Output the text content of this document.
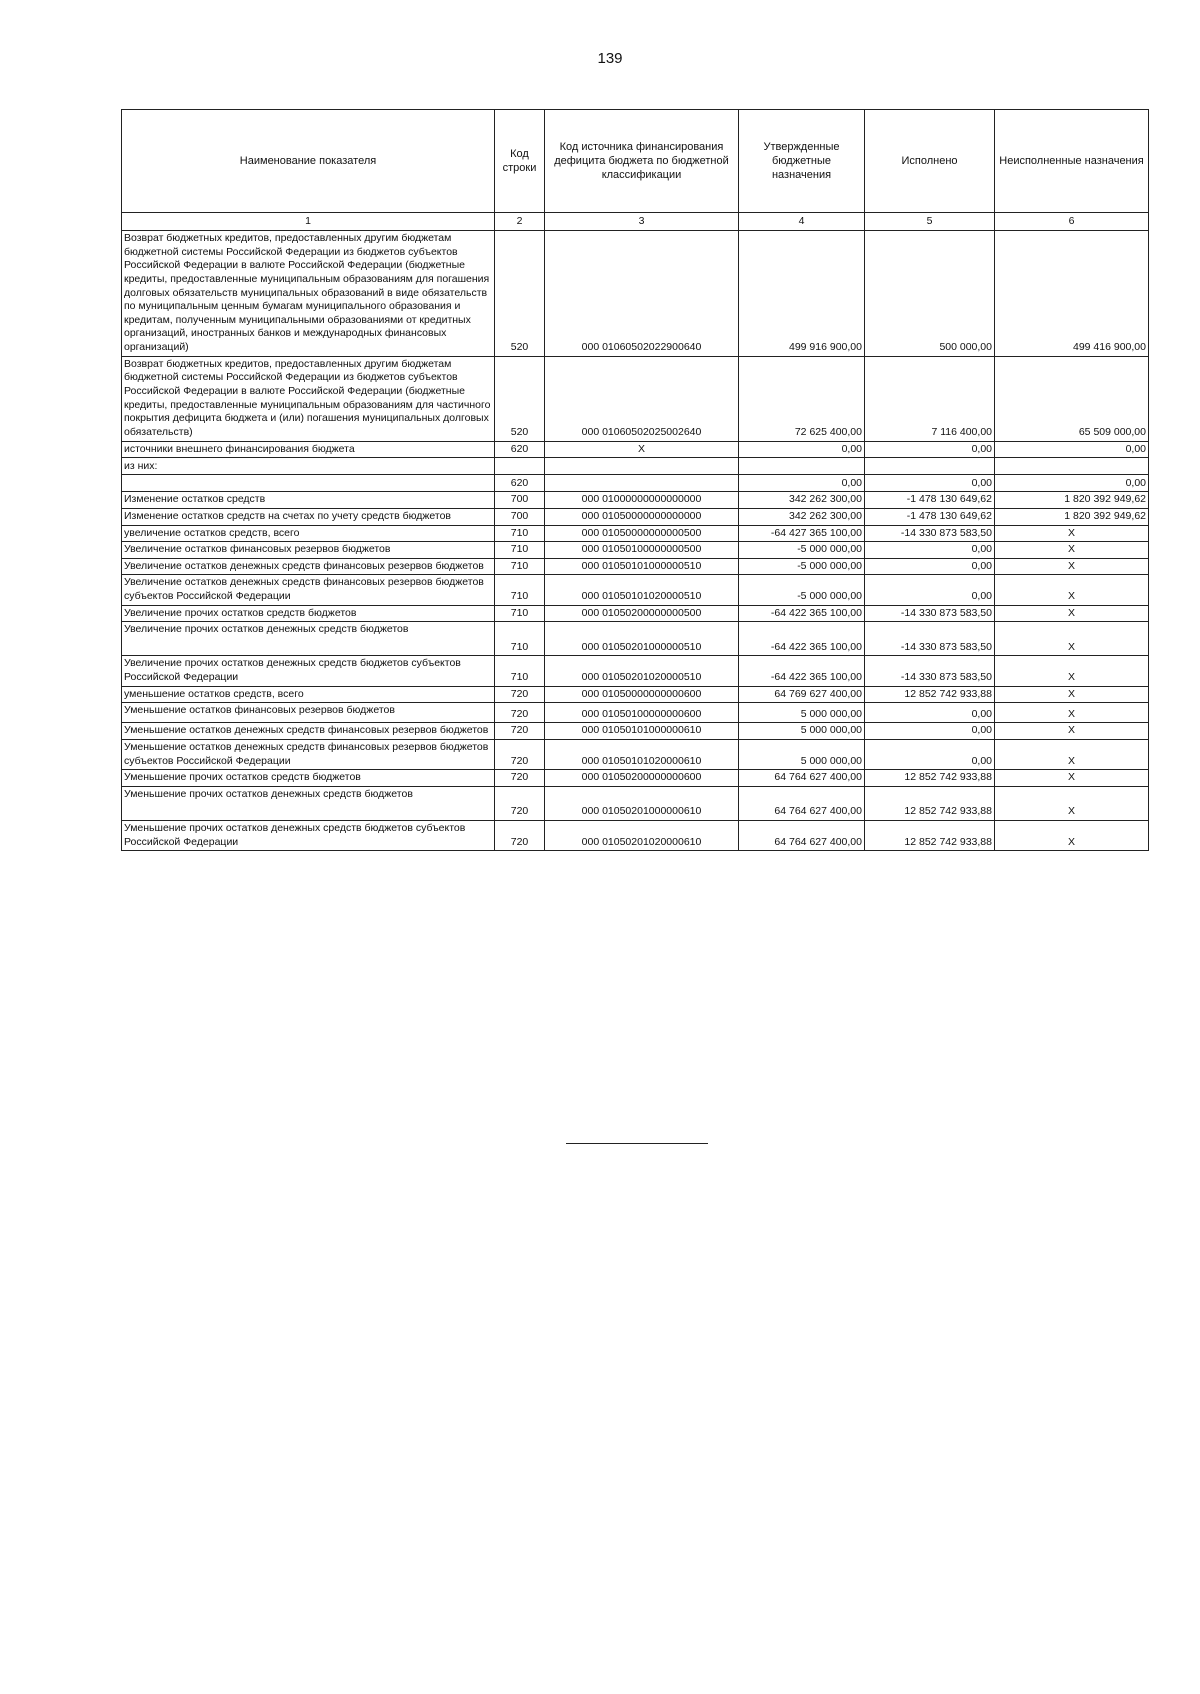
139
Наименование показателя	Код строки	Код источника финансирования дефицита бюджета по бюджетной классификации	Утвержденные бюджетные назначения	Исполнено	Неисполненные назначения
1	2	3	4	5	6
Возврат бюджетных кредитов, предоставленных другим бюджетам бюджетной системы Российской Федерации из бюджетов субъектов Российской Федерации в валюте Российской Федерации (бюджетные кредиты, предоставленные муниципальным образованиям для погашения долговых обязательств муниципальных образований в виде обязательств по муниципальным ценным бумагам муниципального образования и кредитам, полученным муниципальными образованиями от кредитных организаций, иностранных банков и международных финансовых организаций)	520	000 01060502022900640	499 916 900,00	500 000,00	499 416 900,00
Возврат бюджетных кредитов, предоставленных другим бюджетам бюджетной системы Российской Федерации из бюджетов субъектов Российской Федерации в валюте Российской Федерации (бюджетные кредиты, предоставленные муниципальным образованиям для частичного покрытия дефицита бюджета и (или) погашения муниципальных долговых обязательств)	520	000 01060502025002640	72 625 400,00	7 116 400,00	65 509 000,00
источники внешнего финансирования бюджета	620	X	0,00	0,00	0,00
из них:					
	620		0,00	0,00	0,00
Изменение остатков средств	700	000 01000000000000000	342 262 300,00	-1 478 130 649,62	1 820 392 949,62
Изменение остатков средств на счетах по учету средств бюджетов	700	000 01050000000000000	342 262 300,00	-1 478 130 649,62	1 820 392 949,62
увеличение остатков средств, всего	710	000 01050000000000500	-64 427 365 100,00	-14 330 873 583,50	X
Увеличение остатков финансовых резервов бюджетов	710	000 01050100000000500	-5 000 000,00	0,00	X
Увеличение остатков денежных средств финансовых резервов бюджетов	710	000 01050101000000510	-5 000 000,00	0,00	X
Увеличение остатков денежных средств финансовых резервов бюджетов субъектов Российской Федерации	710	000 01050101020000510	-5 000 000,00	0,00	X
Увеличение прочих остатков средств бюджетов	710	000 01050200000000500	-64 422 365 100,00	-14 330 873 583,50	X
Увеличение прочих остатков денежных средств бюджетов	710	000 01050201000000510	-64 422 365 100,00	-14 330 873 583,50	X
Увеличение прочих остатков денежных средств бюджетов субъектов Российской Федерации	710	000 01050201020000510	-64 422 365 100,00	-14 330 873 583,50	X
уменьшение остатков средств, всего	720	000 01050000000000600	64 769 627 400,00	12 852 742 933,88	X
Уменьшение остатков финансовых резервов бюджетов	720	000 01050100000000600	5 000 000,00	0,00	X
Уменьшение остатков денежных средств финансовых резервов бюджетов	720	000 01050101000000610	5 000 000,00	0,00	X
Уменьшение остатков денежных средств финансовых резервов бюджетов субъектов Российской Федерации	720	000 01050101020000610	5 000 000,00	0,00	X
Уменьшение прочих остатков средств бюджетов	720	000 01050200000000600	64 764 627 400,00	12 852 742 933,88	X
Уменьшение прочих остатков денежных средств бюджетов	720	000 01050201000000610	64 764 627 400,00	12 852 742 933,88	X
Уменьшение прочих остатков денежных средств бюджетов субъектов Российской Федерации	720	000 01050201020000610	64 764 627 400,00	12 852 742 933,88	X
